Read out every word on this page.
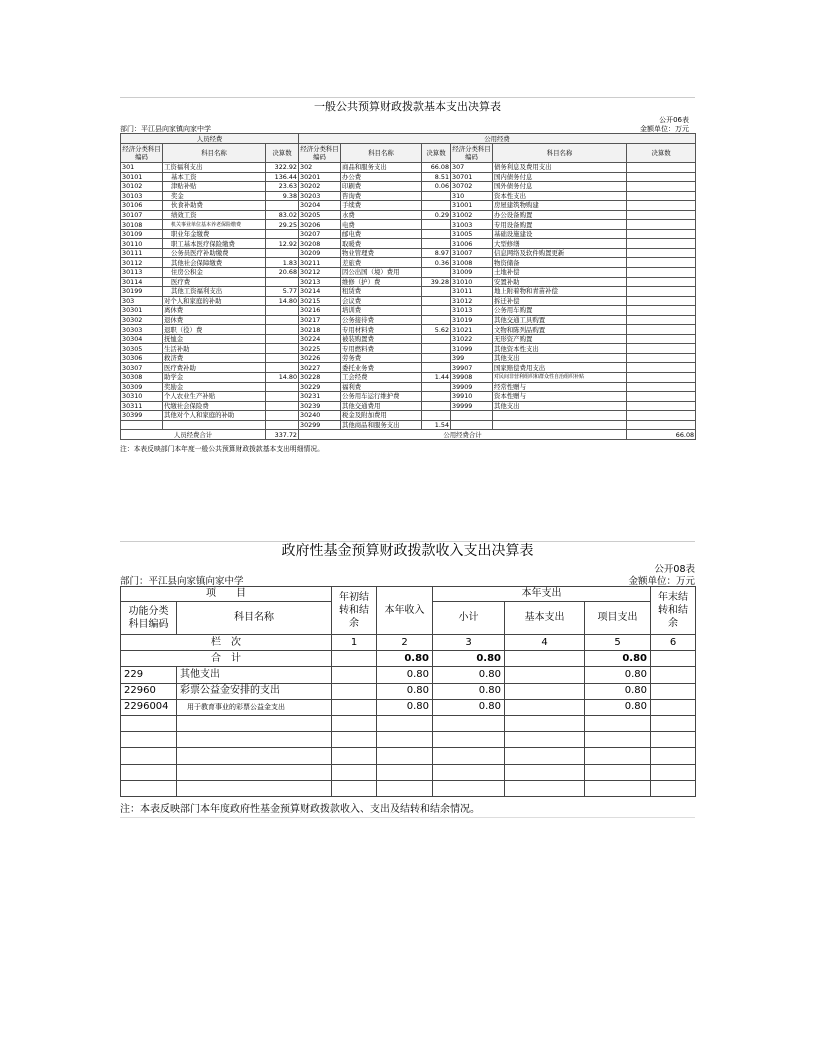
一般公共预算财政拨款基本支出决算表
公开06表
部门：平江县向家镇向家中学	金额单位：万元
人员经费			公用经费					
经济分类科目编码	科目名称	决算数	经济分类科目编码	科目名称	决算数	经济分类科目编码	科目名称	决算数
301	工资福利支出	322.92	302	商品和服务支出	66.08	307	债务利息及费用支出	
30101	基本工资	136.44	30201	办公费	8.51	30701	国内债务付息	
30102	津贴补贴	23.63	30202	印刷费	0.06	30702	国外债务付息	
30103	奖金	9.38	30203	咨询费		310	资本性支出	
30106	伙食补助费		30204	手续费		31001	房屋建筑物购建	
30107	绩效工资	83.02	30205	水费	0.29	31002	办公设备购置	
30108	机关事业单位基本养老保险缴费	29.25	30206	电费		31003	专用设备购置	
30109	职业年金缴费		30207	邮电费		31005	基础设施建设	
30110	职工基本医疗保险缴费	12.92	30208	取暖费		31006	大型修缮	
30111	公务员医疗补助缴费		30209	物业管理费	8.97	31007	信息网络及软件购置更新	
30112	其他社会保障缴费	1.83	30211	差旅费	0.36	31008	物资储备	
30113	住房公积金	20.68	30212	因公出国（境）费用		31009	土地补偿	
30114	医疗费		30213	维修（护）费	39.28	31010	安置补助	
30199	其他工资福利支出	5.77	30214	租赁费		31011	地上附着物和青苗补偿	
303	对个人和家庭的补助	14.80	30215	会议费		31012	拆迁补偿	
30301	离休费		30216	培训费		31013	公务用车购置	
30302	退休费		30217	公务接待费		31019	其他交通工具购置	
30303	退职（役）费		30218	专用材料费	5.62	31021	文物和陈列品购置	
30304	抚恤金		30224	被装购置费		31022	无形资产购置	
30305	生活补助		30225	专用燃料费		31099	其他资本性支出	
30306	救济费		30226	劳务费		399	其他支出	
30307	医疗费补助		30227	委托业务费		39907	国家赔偿费用支出	
30308	助学金	14.80	30228	工会经费	1.44	39908	对民间非营利组织和群众性自治组织补贴	
30309	奖励金		30229	福利费		39909	经常性赠与	
30310	个人农业生产补贴		30231	公务用车运行维护费		39910	资本性赠与	
30311	代缴社会保险费		30239	其他交通费用		39999	其他支出	
30399	其他对个人和家庭的补助		30240	税金及附加费用				
			30299	其他商品和服务支出	1.54			
人员经费合计		337.72	公用经费合计					66.08
注：本表反映部门本年度一般公共预算财政拨款基本支出明细情况。
政府性基金预算财政拨款收入支出决算表
公开08表
部门：平江县向家镇向家中学	金额单位：万元
项　　目		年初结转和结余	本年收入	本年支出			年末结转和结余
功能分类科目编码	科目名称			小计	基本支出	项目支出	
栏　次		1	2	3	4	5	6
合　计			0.80	0.80		0.80	
229	其他支出		0.80	0.80		0.80	
22960	彩票公益金安排的支出		0.80	0.80		0.80	
2296004	用于教育事业的彩票公益金支出		0.80	0.80		0.80	

注：本表反映部门本年度政府性基金预算财政拨款收入、支出及结转和结余情况。
